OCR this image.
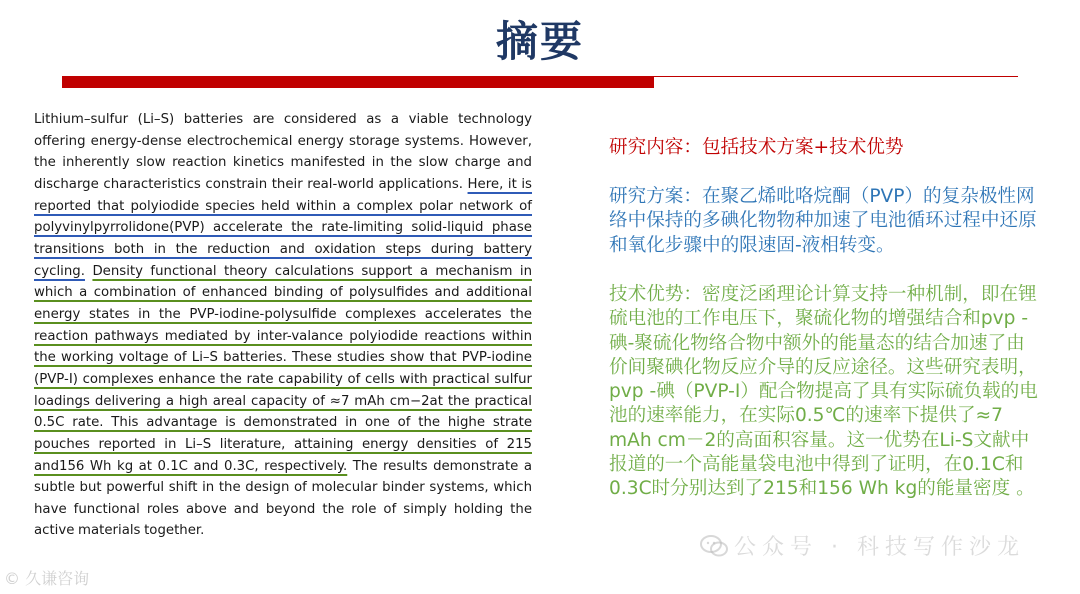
摘要

Lithium–sulfur (Li–S) batteries are considered as a viable technology offering energy-dense electrochemical energy storage systems. However, the inherently slow reaction kinetics manifested in the slow charge and discharge characteristics constrain their real-world applications. Here, it is reported that polyiodide species held within a complex polar network of polyvinylpyrrolidone(PVP) accelerate the rate-limiting solid-liquid phase transitions both in the reduction and oxidation steps during battery cycling. Density functional theory calculations support a mechanism in which a combination of enhanced binding of polysulfides and additional energy states in the PVP-iodine-polysulfide complexes accelerates the reaction pathways mediated by inter-valance polyiodide reactions within the working voltage of Li–S batteries. These studies show that PVP-iodine (PVP-I) complexes enhance the rate capability of cells with practical sulfur loadings delivering a high areal capacity of ≈7 mAh cm−2at the practical 0.5C rate. This advantage is demonstrated in one of the highe strate pouches reported in Li–S literature, attaining energy densities of 215 and156 Wh kg at 0.1C and 0.3C, respectively. The results demonstrate a subtle but powerful shift in the design of molecular binder systems, which have functional roles above and beyond the role of simply holding the active materials together.

研究内容：包括技术方案+技术优势

研究方案：在聚乙烯吡咯烷酮（PVP）的复杂极性网络中保持的多碘化物物种加速了电池循环过程中还原和氧化步骤中的限速固-液相转变。

技术优势：密度泛函理论计算支持一种机制，即在锂硫电池的工作电压下，聚硫化物的增强结合和pvp -碘-聚硫化物络合物中额外的能量态的结合加速了由价间聚碘化物反应介导的反应途径。这些研究表明，pvp -碘（PVP-I）配合物提高了具有实际硫负载的电池的速率能力，在实际0.5℃的速率下提供了≈7 mAh cm－2的高面积容量。这一优势在Li-S文献中报道的一个高能量袋电池中得到了证明，在0.1C和0.3C时分别达到了215和156 Wh kg的能量密度 。

公众号 · 科技写作沙龙
© 久谦咨询
